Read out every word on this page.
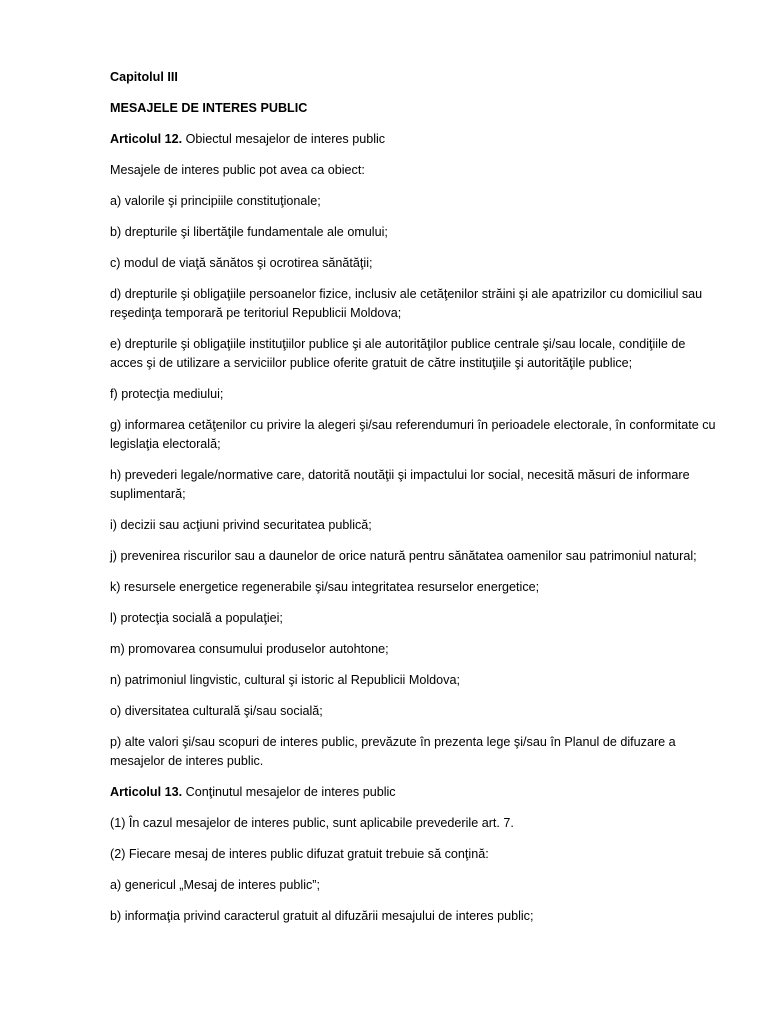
Capitolul III

MESAJELE DE INTERES PUBLIC

Articolul 12. Obiectul mesajelor de interes public

Mesajele de interes public pot avea ca obiect:

a) valorile şi principiile constituţionale;

b) drepturile şi libertăţile fundamentale ale omului;

c) modul de viaţă sănătos şi ocrotirea sănătăţii;

d) drepturile şi obligaţiile persoanelor fizice, inclusiv ale cetăţenilor străini şi ale apatrizilor cu domiciliul sau reşedinţa temporară pe teritoriul Republicii Moldova;

e) drepturile şi obligaţiile instituţiilor publice şi ale autorităţilor publice centrale şi/sau locale, condiţiile de acces şi de utilizare a serviciilor publice oferite gratuit de către instituţiile şi autorităţile publice;

f) protecţia mediului;

g) informarea cetăţenilor cu privire la alegeri şi/sau referendumuri în perioadele electorale, în conformitate cu legislaţia electorală;

h) prevederi legale/normative care, datorită noutăţii şi impactului lor social, necesită măsuri de informare suplimentară;

i) decizii sau acţiuni privind securitatea publică;

j) prevenirea riscurilor sau a daunelor de orice natură pentru sănătatea oamenilor sau patrimoniul natural;

k) resursele energetice regenerabile şi/sau integritatea resurselor energetice;

l) protecţia socială a populaţiei;

m) promovarea consumului produselor autohtone;

n) patrimoniul lingvistic, cultural şi istoric al Republicii Moldova;

o) diversitatea culturală şi/sau socială;

p) alte valori şi/sau scopuri de interes public, prevăzute în prezenta lege şi/sau în Planul de difuzare a mesajelor de interes public.

Articolul 13. Conţinutul mesajelor de interes public

(1) În cazul mesajelor de interes public, sunt aplicabile prevederile art. 7.

(2) Fiecare mesaj de interes public difuzat gratuit trebuie să conţină:

a) genericul „Mesaj de interes public”;

b) informaţia privind caracterul gratuit al difuzării mesajului de interes public;
